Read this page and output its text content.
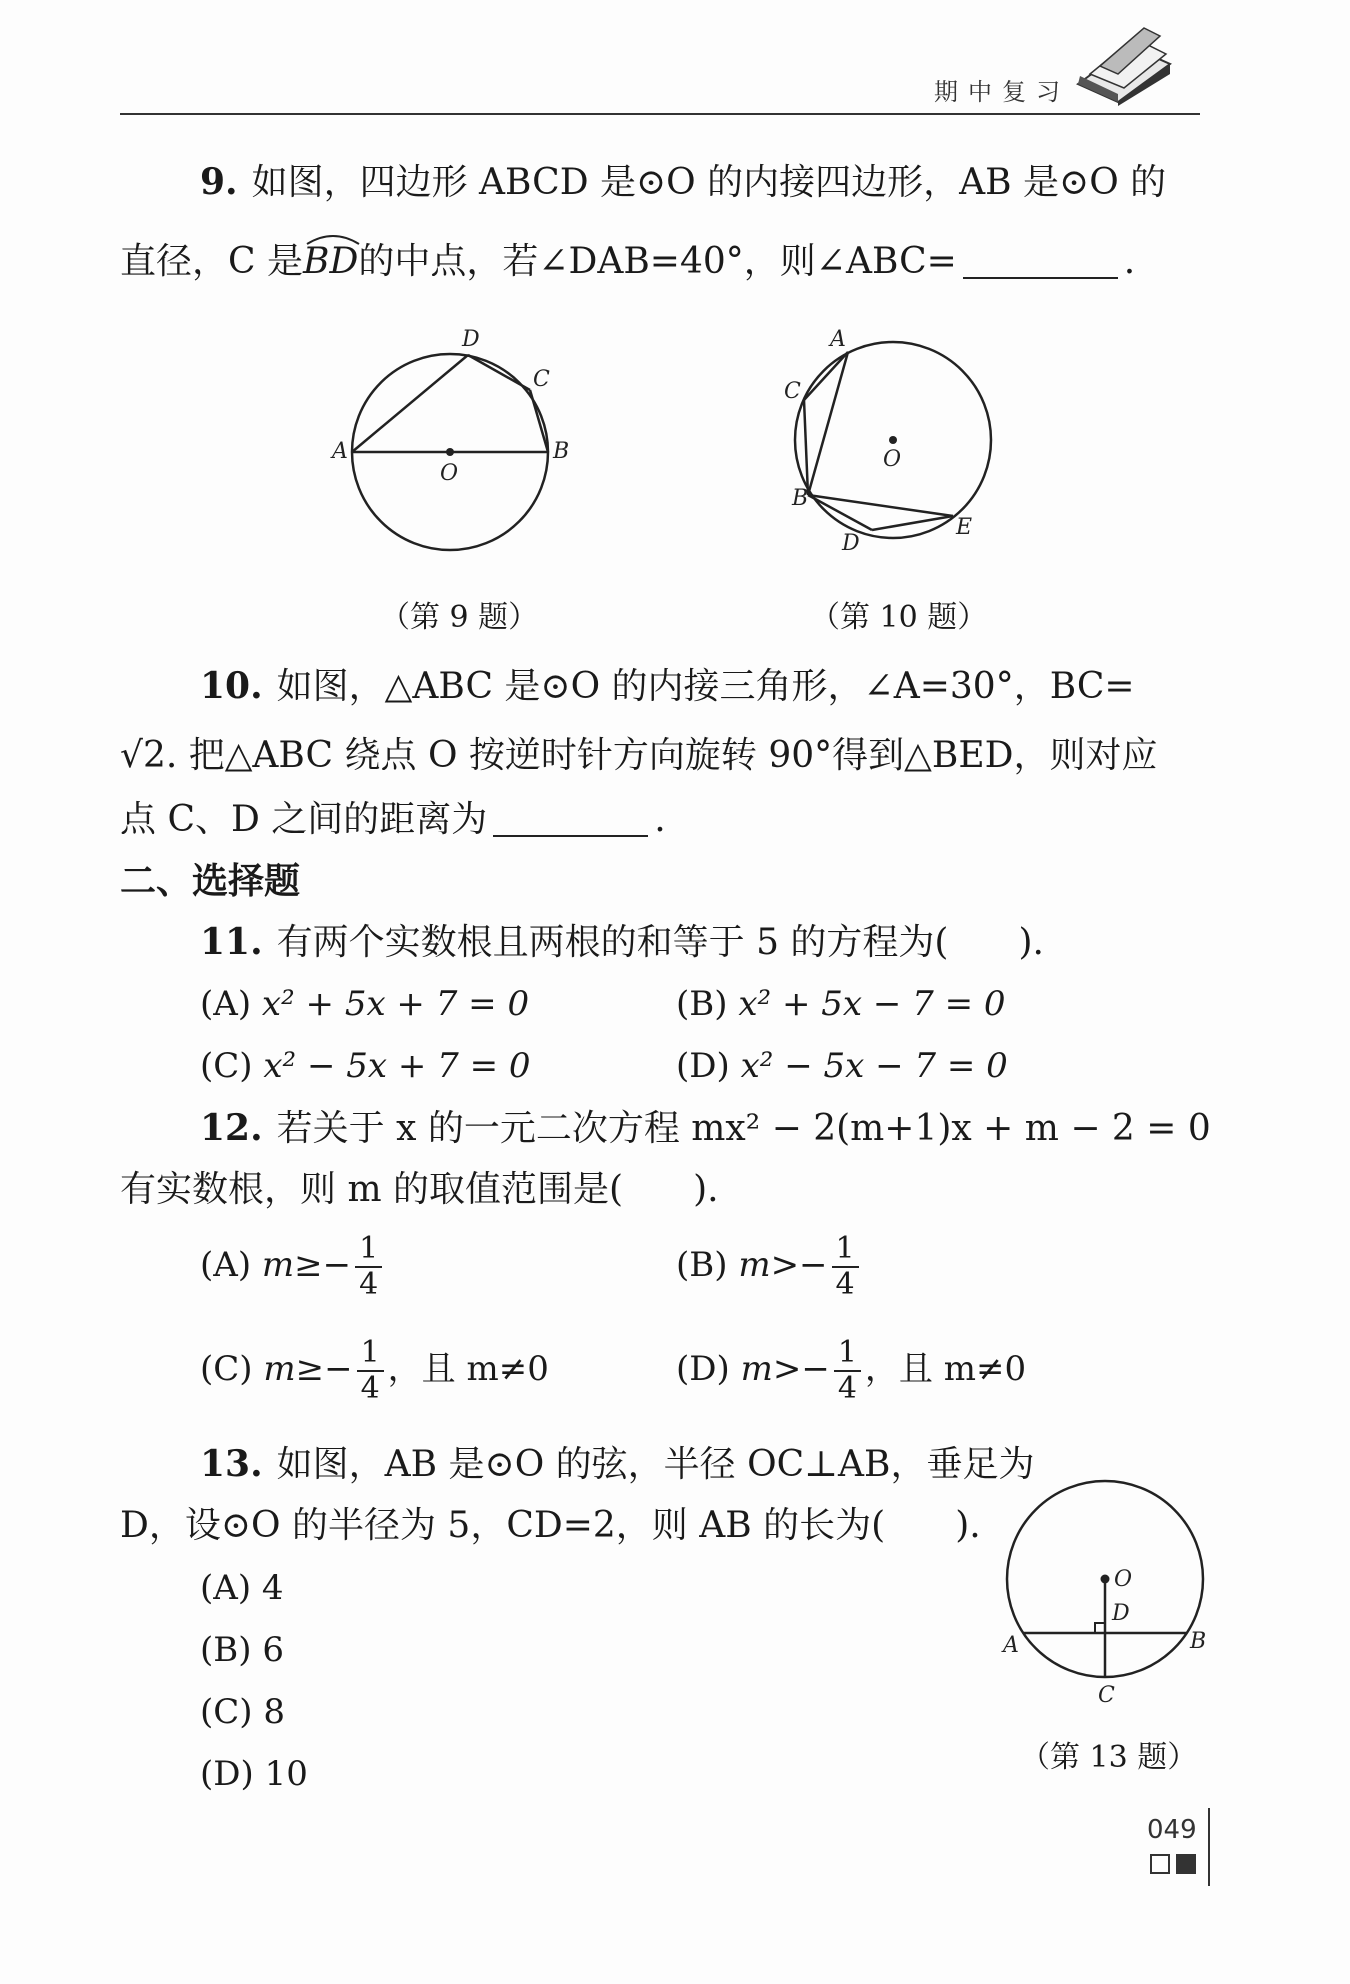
期中复习
9. 如图，四边形 ABCD 是⊙O 的内接四边形，AB 是⊙O 的
直径，C 是
BD的中点，若∠DAB=40°，则∠ABC=	.
A	B
C
D
O
（第 9 题）
A
B
C
D
E
O
（第 10 题）
10. 如图，△ABC 是⊙O 的内接三角形，∠A=30°，BC=
√2. 把△ABC 绕点 O 按逆时针方向旋转 90°得到△BED，则对应
点 C、D 之间的距离为	.
二、选择题
11. 有两个实数根且两根的和等于 5 的方程为( ).
(A) x² + 5x + 7 = 0	(B) x² + 5x − 7 = 0
(C) x² − 5x + 7 = 0	(D) x² − 5x − 7 = 0
12. 若关于 x 的一元二次方程 mx² − 2(m+1)x + m − 2 = 0
有实数根，则 m 的取值范围是( ).
(A) $m\ge- \frac{1}{4}$	(B) $m>- \frac{1}{4}$
(C) $m\ge- \frac{1}{4}$ ，且 m≠0	(D) $m>- \frac{1}{4}$ ，且 m≠0
13. 如图，AB 是⊙O 的弦，半径 OC⊥AB，垂足为
D，设⊙O 的半径为 5，CD=2，则 AB 的长为( ).
(A) 4
(B) 6
(C) 8
(D) 10
A	B
C
D
O
（第 13 题）
049
